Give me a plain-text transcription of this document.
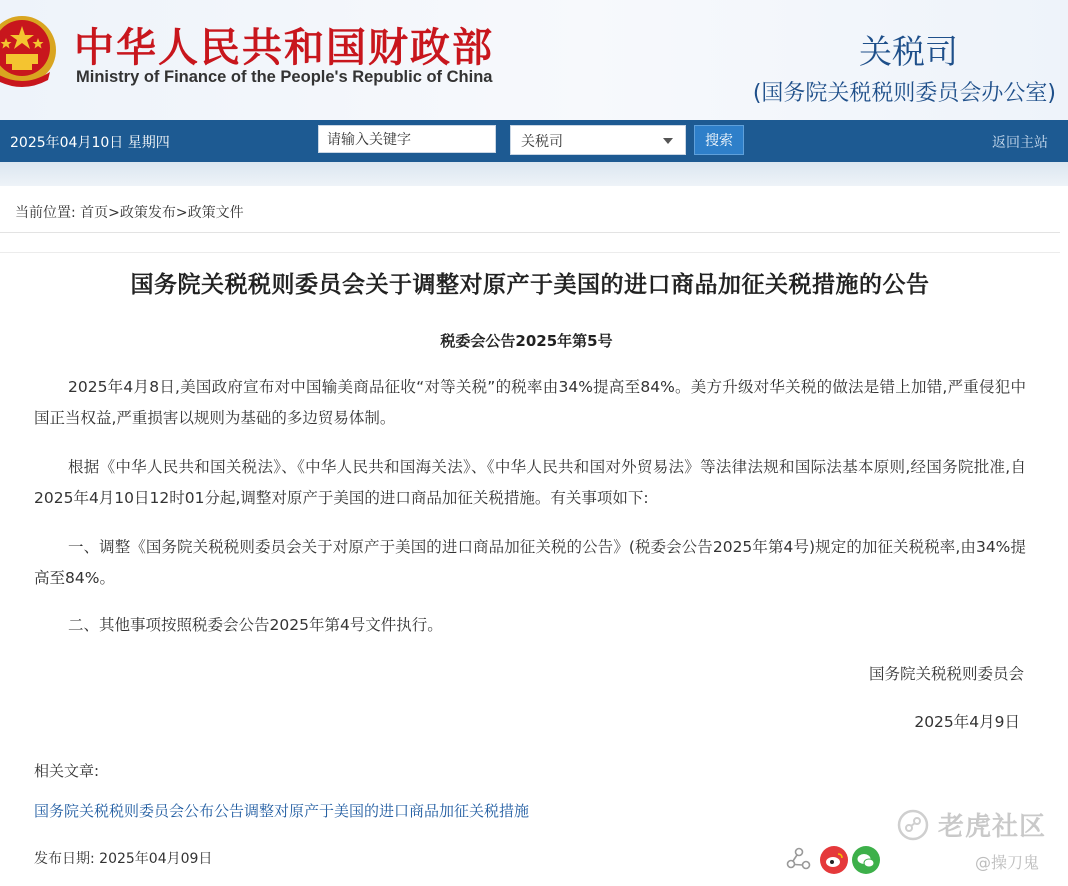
中华人民共和国财政部
Ministry of Finance of the People's Republic of China
关税司
(国务院关税税则委员会办公室)
2025年04月10日 星期四	请输入关键字	关税司	搜索	返回主站
当前位置: 首页>政策发布>政策文件
国务院关税税则委员会关于调整对原产于美国的进口商品加征关税措施的公告
税委会公告2025年第5号
2025年4月8日,美国政府宣布对中国输美商品征收“对等关税”的税率由34%提高至84%。美方升级对华关税的做法是错上加错,严重侵犯中国正当权益,严重损害以规则为基础的多边贸易体制。
根据《中华人民共和国关税法》、《中华人民共和国海关法》、《中华人民共和国对外贸易法》等法律法规和国际法基本原则,经国务院批准,自2025年4月10日12时01分起,调整对原产于美国的进口商品加征关税措施。有关事项如下:
一、调整《国务院关税税则委员会关于对原产于美国的进口商品加征关税的公告》(税委会公告2025年第4号)规定的加征关税税率,由34%提高至84%。
二、其他事项按照税委会公告2025年第4号文件执行。
国务院关税税则委员会
2025年4月9日
相关文章:
国务院关税税则委员会公布公告调整对原产于美国的进口商品加征关税措施
发布日期: 2025年04月09日
老虎社区
@操刀鬼
